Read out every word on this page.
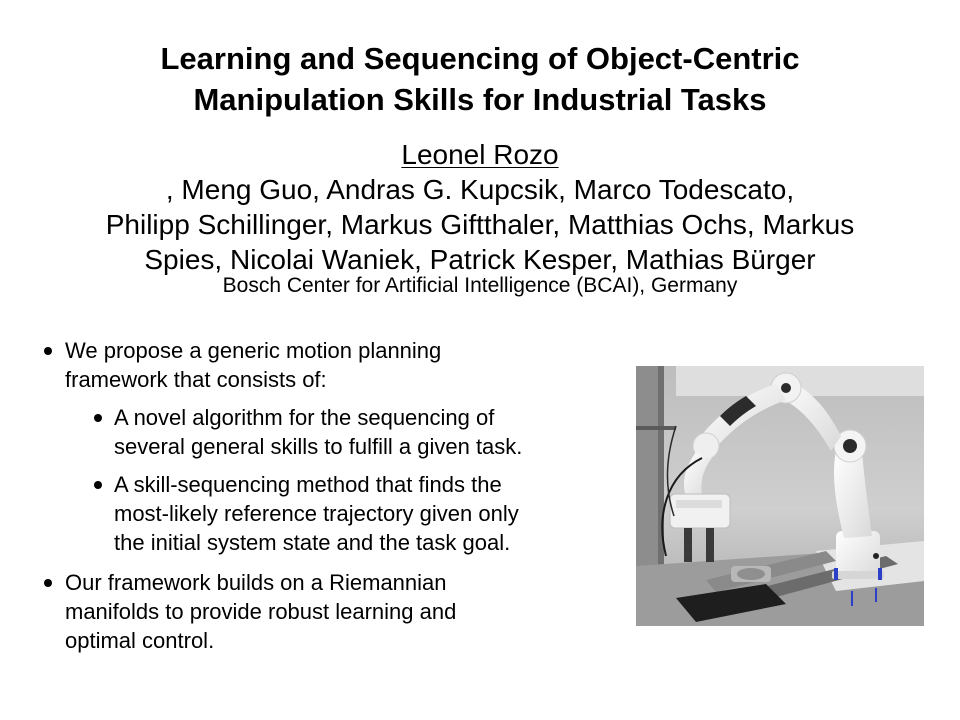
Learning and Sequencing of Object-Centric
Manipulation Skills for Industrial Tasks
Leonel Rozo
, Meng Guo, Andras G. Kupcsik, Marco Todescato,
Philipp Schillinger, Markus Giftthaler, Matthias Ochs, Markus
Spies, Nicolai Waniek, Patrick Kesper, Mathias Bürger
Bosch Center for Artificial Intelligence (BCAI), Germany
We propose a generic motion planning
framework that consists of:
A novel algorithm for the sequencing of
several general skills to fulfill a given task.
A skill-sequencing method that finds the
most-likely reference trajectory given only
the initial system state and the task goal.
Our framework builds on a Riemannian
manifolds to provide robust learning and
optimal control.
